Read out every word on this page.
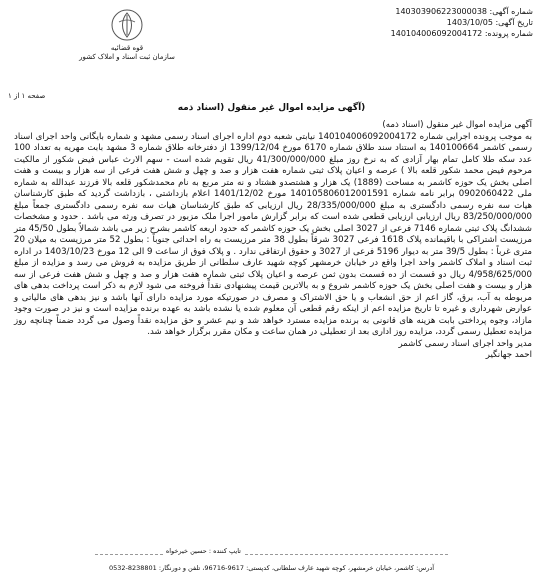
شماره آگهی: 140303906223000038
تاریخ آگهی: 1403/10/05
شماره پرونده: 140104006092004172
قوه قضائیه
سازمان ثبت اسناد و املاک کشور
صفحه ۱ از ۱
(آگهی مزایده اموال غیر منقول (اسناد ذمه

آگهی مزایده اموال غیر منقول (اسناد ذمه)

به موجب پرونده اجرایی شماره 140104006092004172 نیابتی شعبه دوم اداره اجرای اسناد رسمی مشهد و شماره بایگانی واحد اجرای اسناد رسمی کاشمر 140100664 به استناد سند طلاق شماره 6170 مورخ 1399/12/04 از دفترخانه طلاق شماره 3 مشهد بابت مهریه به تعداد 100 عدد سکه طلا کامل تمام بهار آزادی که به نرخ روز مبلغ 41/300/000/000 ریال تقویم شده است - سهم الارث عباس فیض شکور از مالکیت مرحوم فیض محمد شکور قلعه بالا ) عرصه و اعیان پلاک ثبتی شماره هفت هزار و صد و چهل و شش هفت فرعی از سه هزار و بیست و هفت اصلی بخش یک حوزه کاشمر به مساحت (1889) یک هزار و هشتصدو هشتاد و نه متر مربع به نام محمدشکور قلعه بالا فرزند عبدالله به شماره ملی 0902060422 برابر نامه شماره 140105806012001591 مورخ 1401/12/02 اعلام بازداشتی ، بازداشت گردید که طبق کارشناسان هیات سه نفره رسمی دادگستری به مبلغ 28/335/000/000 ریال ارزیابی که طبق کارشناسان هیات سه نفره رسمی دادگستری جمعاً مبلغ 83/250/000/000 ریال ارزیابی ارزیابی قطعی شده است که برابر گزارش مامور اجرا ملک مزبور در تصرف ورثه می باشد . حدود و مشخصات ششدانگ پلاک ثبتی شماره 7146 فرعی از 3027 اصلی بخش یک حوزه کاشمر که حدود اربعه کاشمر بشرح زیر می باشد شمالاً بطول 45/50 متر مرزیست اشتراکی با باقیمانده پلاک 1618 فرعی 3027 شرقاً بطول 38 متر مرزیست به راه احداثی جنوباً : بطول 52 متر مرزیست به میلان 20 متری غرباً : بطول 39/5 متر به دیوار 5196 فرعی از 3027 و حقوق ارتفاقی ندارد . و پلاک فوق از ساعت 9 الی 12 مورخ 1403/10/23 در اداره ثبت اسناد و املاک کاشمر واحد اجرا واقع در خیابان خرمشهر کوچه شهید عارف سلطانی از طریق مزایده به فروش می رسد و مزایده از مبلغ 4/958/625/000 ریال دو قسمت از ده قسمت بدون ثمن عرصه و اعیان پلاک ثبتی شماره هفت هزار و صد و چهل و شش هفت فرعی از سه هزار و بیست و هفت اصلی بخش یک حوزه کاشمر شروع و به بالاترین قیمت پیشنهادی نقداً فروخته می شود لازم به ذکر است پرداخت بدهی های مربوطه به آب، برق، گاز اعم از حق انشعاب و یا حق الاشتراک و مصرف در صورتیکه مورد مزایده دارای آنها باشد و نیز بدهی های مالیاتی و عوارض شهرداری و غیره تا تاریخ مزایده اعم از اینکه رقم قطعی آن معلوم شده یا نشده باشد به عهده برنده مزایده است و نیز در صورت وجود مازاد، وجوه پرداختی بابت هزینه های قانونی به برنده مزایده مسترد خواهد شد و نیم عشر و حق مزایده نقداً وصول می گردد ضمناً چنانچه روز مزایده تعطیل رسمی گردد، مزایده روز اداری بعد از تعطیلی در همان ساعت و مکان مقرر برگزار خواهد شد.

مدیر واحد اجرای اسناد رسمی کاشمر

احمد جهانگیر

تایپ کننده : حسین خیرخواه
آدرس: کاشمر، خیابان خرمشهر، کوچه شهید عارف سلطانی، کدپستی: 9617-96716، تلفن و دورنگار: 8238801-0532
